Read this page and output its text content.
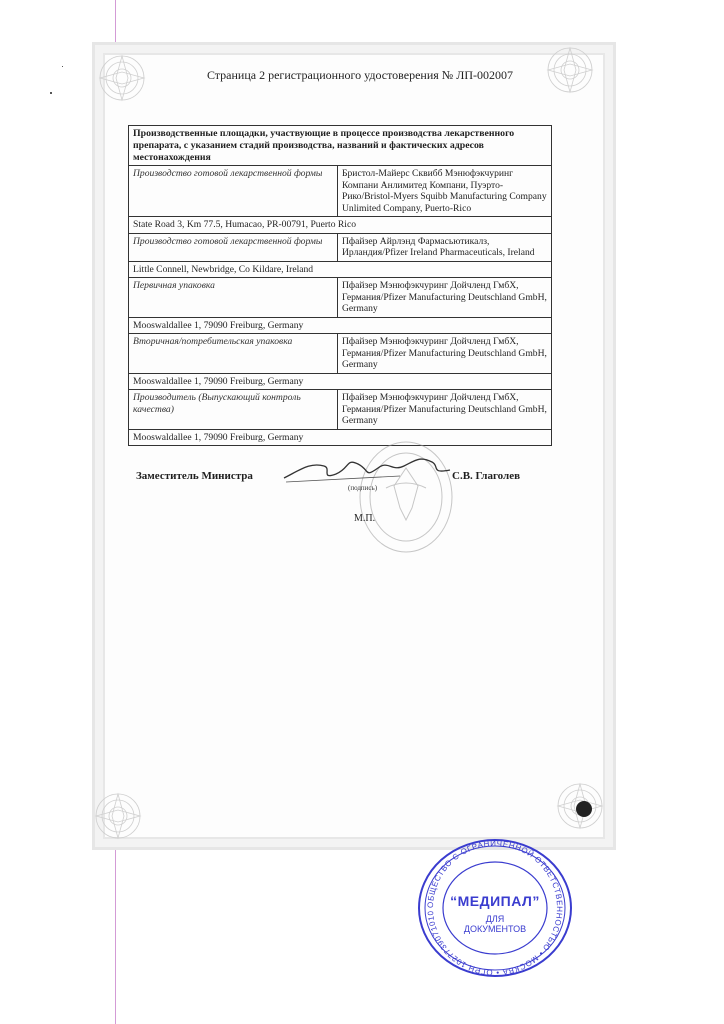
Страница 2 регистрационного удостоверения № ЛП-002007
Производственные площадки, участвующие в процессе производства лекарственного препарата, с указанием стадий производства, названий и фактических адресов местонахождения	
Производство готовой лекарственной формы	Бристол-Майерс Сквибб Мэнюфэкчуринг Компани Анлимитед Компани, Пуэрто-Рико/Bristol-Myers Squibb Manufacturing Company Unlimited Company, Puerto-Rico
State Road 3, Km 77.5, Humacao, PR-00791, Puerto Rico	
Производство готовой лекарственной формы	Пфайзер Айрлэнд Фармасьютикалз, Ирландия/Pfizer Ireland Pharmaceuticals, Ireland
Little Connell, Newbridge, Co Kildare, Ireland	
Первичная упаковка	Пфайзер Мэнюфэкчуринг Дойчленд ГмбХ, Германия/Pfizer Manufacturing Deutschland GmbH, Germany
Mooswaldallee 1, 79090 Freiburg, Germany	
Вторичная/потребительская упаковка	Пфайзер Мэнюфэкчуринг Дойчленд ГмбХ, Германия/Pfizer Manufacturing Deutschland GmbH, Germany
Mooswaldallee 1, 79090 Freiburg, Germany	
Производитель (Выпускающий контроль качества)	Пфайзер Мэнюфэкчуринг Дойчленд ГмбХ, Германия/Pfizer Manufacturing Deutschland GmbH, Germany
Mooswaldallee 1, 79090 Freiburg, Germany	
Заместитель Министра
(подпись)
С.В. Глаголев
М.П.
ОБЩЕСТВО С ОГРАНИЧЕННОЙ ОТВЕТСТВЕННОСТЬЮ • МОСКВА • ОГРН 1027739071010
“МЕДИПАЛ”
ДЛЯ
ДОКУМЕНТОВ
